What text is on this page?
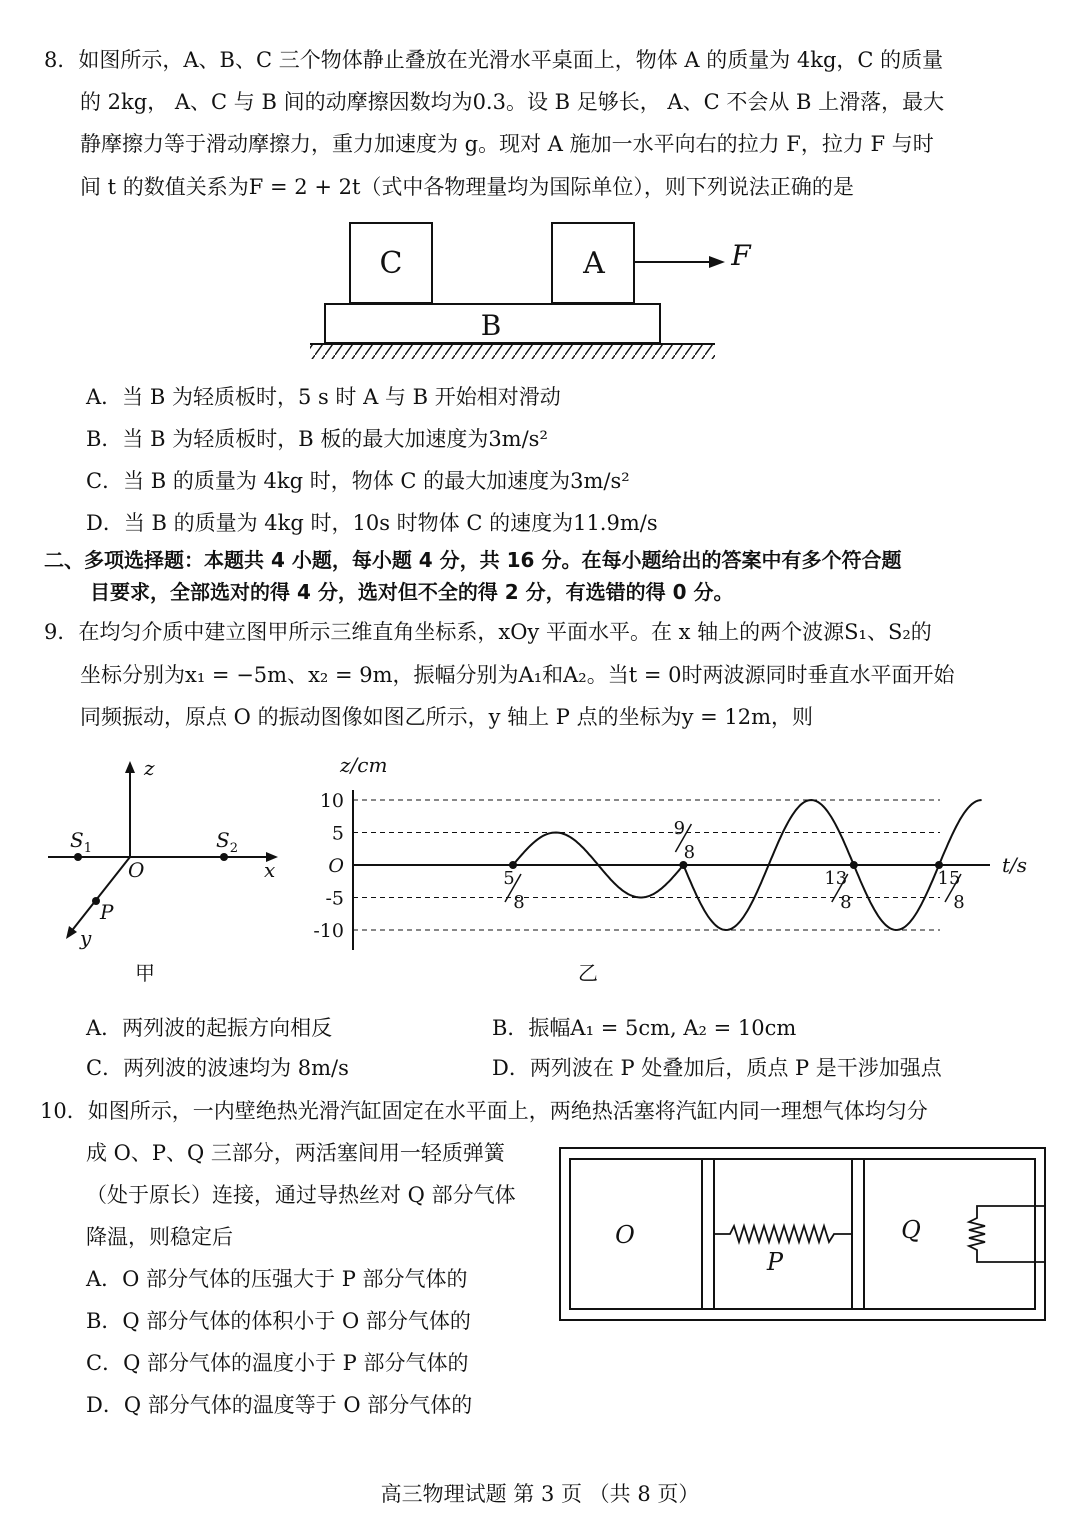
8．如图所示，A、B、C 三个物体静止叠放在光滑水平桌面上，物体 A 的质量为 4kg，C 的质量
的 2kg， A、C 与 B 间的动摩擦因数均为0.3。设 B 足够长， A、C 不会从 B 上滑落，最大
静摩擦力等于滑动摩擦力，重力加速度为 g。现对 A 施加一水平向右的拉力 F，拉力 F 与时
间 t 的数值关系为F = 2 + 2t（式中各物理量均为国际单位），则下列说法正确的是
C	A
B
F
A．当 B 为轻质板时，5 s 时 A 与 B 开始相对滑动
B．当 B 为轻质板时，B 板的最大加速度为3m/s²
C．当 B 的质量为 4kg 时，物体 C 的最大加速度为3m/s²
D．当 B 的质量为 4kg 时，10s 时物体 C 的速度为11.9m/s
二、多项选择题：本题共 4 小题，每小题 4 分，共 16 分。在每小题给出的答案中有多个符合题
目要求，全部选对的得 4 分，选对但不全的得 2 分，有选错的得 0 分。
9．在均匀介质中建立图甲所示三维直角坐标系，xOy 平面水平。在 x 轴上的两个波源S₁、S₂的
坐标分别为x₁ = −5m、x₂ = 9m，振幅分别为A₁和A₂。当t = 0时两波源同时垂直水平面开始
同频振动，原点 O 的振动图像如图乙所示，y 轴上 P 点的坐标为y = 12m，则
z
x
y
$S_1$	$S_2$
O
P
甲
z/cm
t/s
10
5
O
-5
-10
5
8
9
8
13
8
15
8
乙
A．两列波的起振方向相反	B．振幅A₁ = 5cm, A₂ = 10cm
C．两列波的波速均为 8m/s	D．两列波在 P 处叠加后，质点 P 是干涉加强点
10．如图所示，一内壁绝热光滑汽缸固定在水平面上，两绝热活塞将汽缸内同一理想气体均匀分
成 O、P、Q 三部分，两活塞间用一轻质弹簧
（处于原长）连接，通过导热丝对 Q 部分气体
降温，则稳定后
A．O 部分气体的压强大于 P 部分气体的
B．Q 部分气体的体积小于 O 部分气体的
C．Q 部分气体的温度小于 P 部分气体的
D．Q 部分气体的温度等于 O 部分气体的
O
P
Q
高三物理试题 第 3 页 （共 8 页）
